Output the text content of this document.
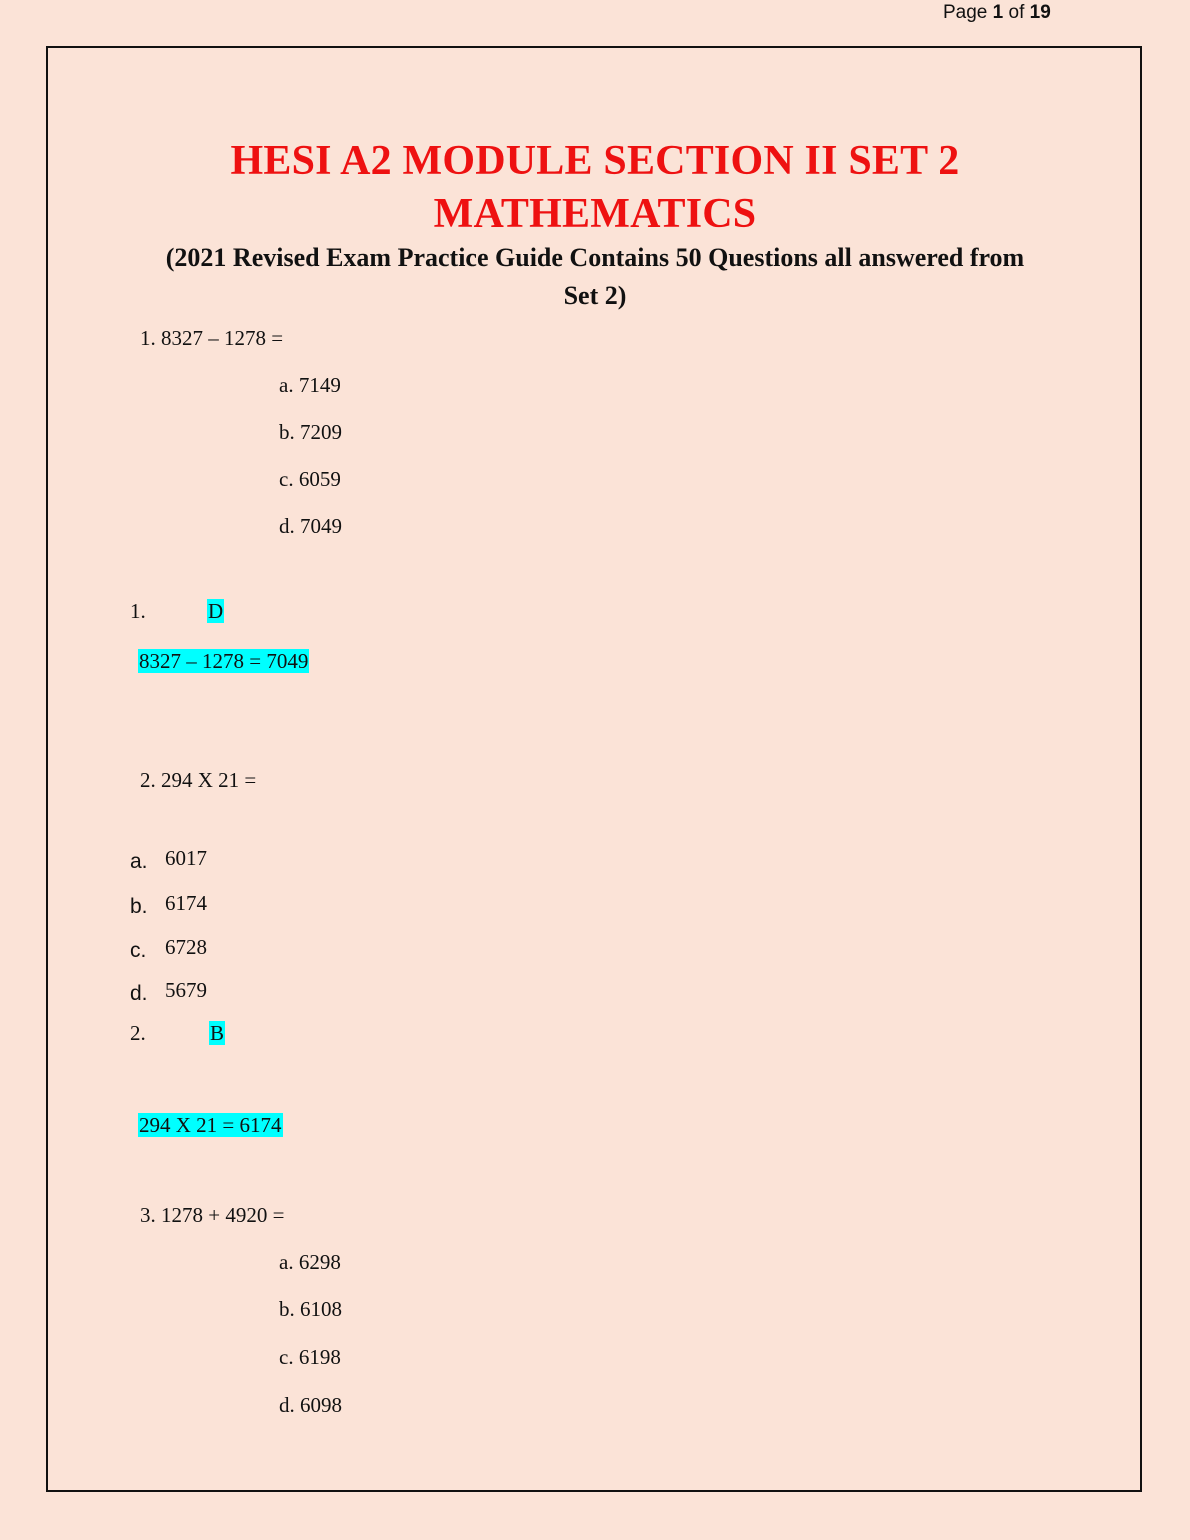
Page 1 of 19
HESI A2 MODULE SECTION II SET 2
MATHEMATICS
(2021 Revised Exam Practice Guide Contains 50 Questions all answered from
Set 2)
1. 8327 – 1278 =
a. 7149
b. 7209
c. 6059
d. 7049
1.	D
8327 – 1278 = 7049
2. 294 X 21 =
a. 6017
b. 6174
c. 6728
d. 5679
2.	B
294 X 21 = 6174
3. 1278 + 4920 =
a. 6298
b. 6108
c. 6198
d. 6098
